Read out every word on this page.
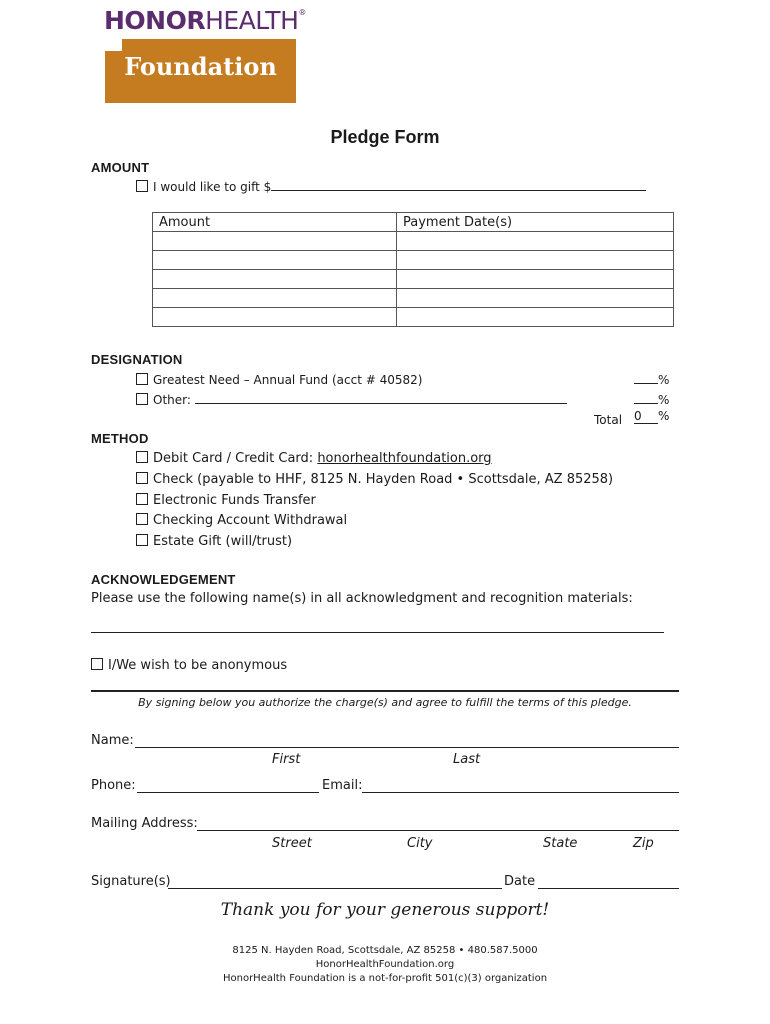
HONORHEALTH®
Foundation
Pledge Form
AMOUNT
I would like to gift $
Amount	Payment Date(s)

DESIGNATION
Greatest Need – Annual Fund (acct # 40582)	%
Other:	%
Total 0 %
METHOD
Debit Card / Credit Card: honorhealthfoundation.org
Check (payable to HHF, 8125 N. Hayden Road • Scottsdale, AZ 85258)
Electronic Funds Transfer
Checking Account Withdrawal
Estate Gift (will/trust)
ACKNOWLEDGEMENT
Please use the following name(s) in all acknowledgment and recognition materials:
I/We wish to be anonymous
By signing below you authorize the charge(s) and agree to fulfill the terms of this pledge.
Name:
First	Last
Phone:	Email:
Mailing Address:
Street	City	State	Zip
Signature(s)	Date
Thank you for your generous support!
8125 N. Hayden Road, Scottsdale, AZ 85258 • 480.587.5000
HonorHealthFoundation.org
HonorHealth Foundation is a not-for-profit 501(c)(3) organization
